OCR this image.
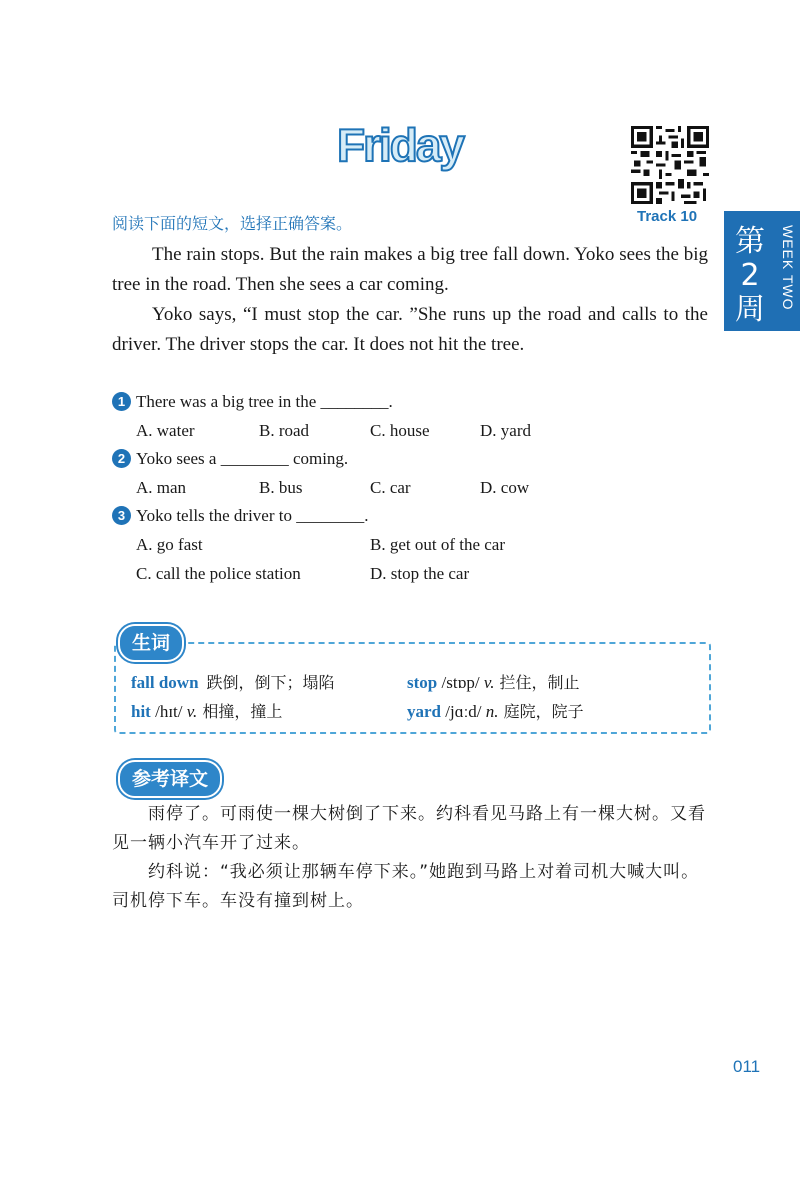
Friday
Track 10
第2周	WEEK TWO
阅读下面的短文，选择正确答案。
The rain stops. But the rain makes a big tree fall down. Yoko sees the big tree in the road. Then she sees a car coming.
Yoko says, “I must stop the car. ”She runs up the road and calls to the driver. The driver stops the car. It does not hit the tree.
1 There was a big tree in the ________.
A. water	B. road	C. house	D. yard
2 Yoko sees a ________ coming.
A. man	B. bus	C. car	D. cow
3 Yoko tells the driver to ________.
A. go fast	B. get out of the car
C. call the police station	D. stop the car
生词
fall down 跌倒，倒下；塌陷	stop /stɒp/ v. 拦住，制止
hit /hɪt/ v. 相撞，撞上	yard /jɑːd/ n. 庭院，院子
参考译文
雨停了。可雨使一棵大树倒了下来。约科看见马路上有一棵大树。又看见一辆小汽车开了过来。
约科说：“我必须让那辆车停下来。”她跑到马路上对着司机大喊大叫。司机停下车。车没有撞到树上。
011
